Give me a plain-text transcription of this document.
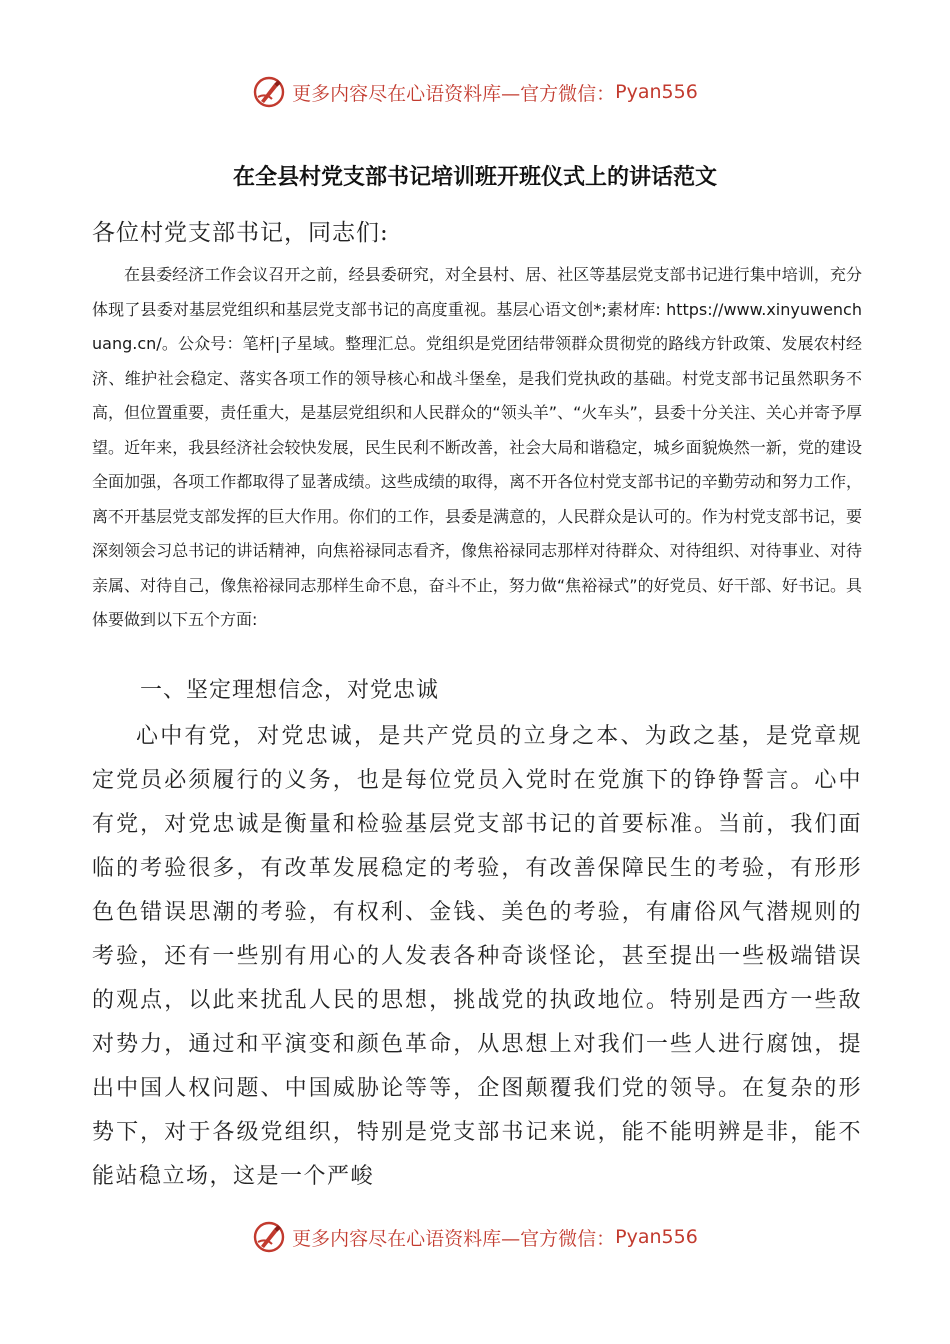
更多内容尽在心语资料库—官方微信： Pyan556
在全县村党支部书记培训班开班仪式上的讲话范文
各位村党支部书记，同志们:
在县委经济工作会议召开之前，经县委研究，对全县村、居、社区等基层党支部书记进行集中培训，充分体现了县委对基层党组织和基层党支部书记的高度重视。基层心语文创*;素材库: https://www.xinyuwenchuang.cn/。公众号：笔杆|子星域。整理汇总。党组织是党团结带领群众贯彻党的路线方针政策、发展农村经济、维护社会稳定、落实各项工作的领导核心和战斗堡垒，是我们党执政的基础。村党支部书记虽然职务不高，但位置重要，责任重大，是基层党组织和人民群众的“领头羊”、“火车头”，县委十分关注、关心并寄予厚望。近年来，我县经济社会较快发展，民生民利不断改善，社会大局和谐稳定，城乡面貌焕然一新，党的建设全面加强，各项工作都取得了显著成绩。这些成绩的取得，离不开各位村党支部书记的辛勤劳动和努力工作，离不开基层党支部发挥的巨大作用。你们的工作，县委是满意的，人民群众是认可的。作为村党支部书记，要深刻领会习总书记的讲话精神，向焦裕禄同志看齐，像焦裕禄同志那样对待群众、对待组织、对待事业、对待亲属、对待自己，像焦裕禄同志那样生命不息，奋斗不止，努力做“焦裕禄式”的好党员、好干部、好书记。具体要做到以下五个方面:
一、坚定理想信念，对党忠诚
心中有党，对党忠诚，是共产党员的立身之本、为政之基，是党章规定党员必须履行的义务，也是每位党员入党时在党旗下的铮铮誓言。心中有党，对党忠诚是衡量和检验基层党支部书记的首要标准。当前，我们面临的考验很多，有改革发展稳定的考验，有改善保障民生的考验，有形形色色错误思潮的考验，有权利、金钱、美色的考验，有庸俗风气潜规则的考验，还有一些别有用心的人发表各种奇谈怪论，甚至提出一些极端错误的观点，以此来扰乱人民的思想，挑战党的执政地位。特别是西方一些敌对势力，通过和平演变和颜色革命，从思想上对我们一些人进行腐蚀，提出中国人权问题、中国威胁论等等，企图颠覆我们党的领导。在复杂的形势下，对于各级党组织，特别是党支部书记来说，能不能明辨是非，能不能站稳立场，这是一个严峻
更多内容尽在心语资料库—官方微信： Pyan556
